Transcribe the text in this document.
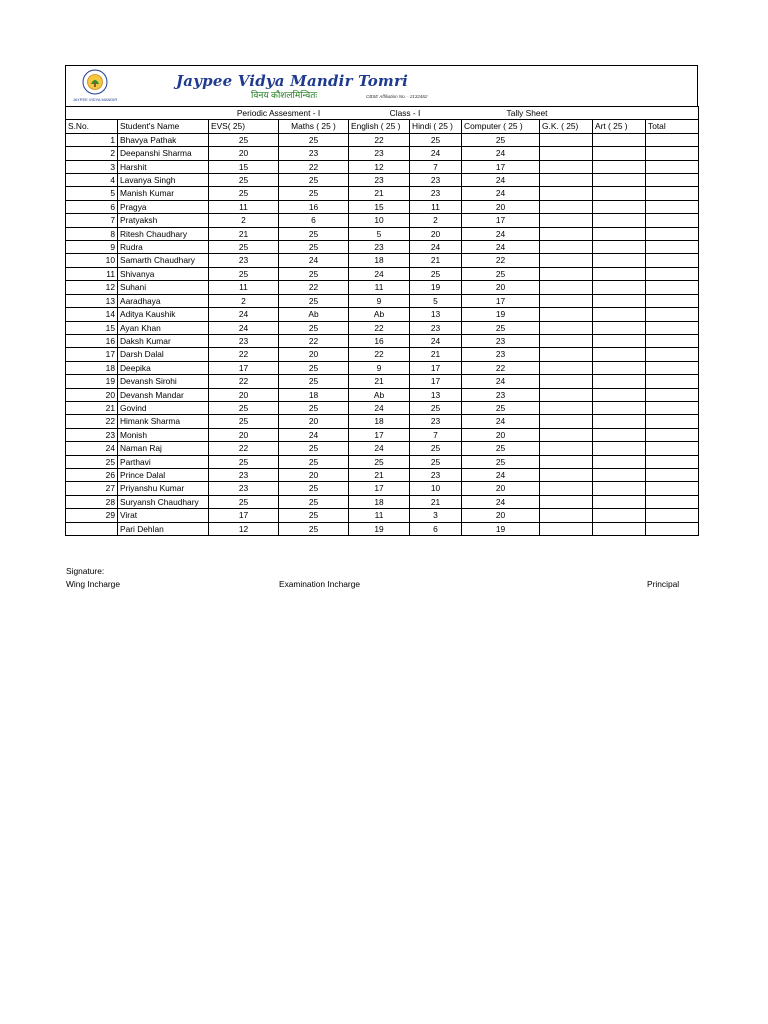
JAYPEE VIDYA MANDIR
Jaypee Vidya Mandir Tomri
विनय कौशलमिन्वितः	CBSE Affiliation No. - 2132462
		Periodic Assesment - I		Class - I		Tally Sheet			
S.No.	Student's Name	EVS( 25)	Maths ( 25 )	English ( 25 )	Hindi ( 25 )	Computer ( 25 )	G.K. ( 25)	Art ( 25 )	Total
1	Bhavya Pathak	25	25	22	25	25			
2	Deepanshi Sharma	20	23	23	24	24			
3	Harshit	15	22	12	7	17			
4	Lavanya Singh	25	25	23	23	24			
5	Manish Kumar	25	25	21	23	24			
6	Pragya	11	16	15	11	20			
7	Pratyaksh	2	6	10	2	17			
8	Ritesh Chaudhary	21	25	5	20	24			
9	Rudra	25	25	23	24	24			
10	Samarth Chaudhary	23	24	18	21	22			
11	Shivanya	25	25	24	25	25			
12	Suhani	11	22	11	19	20			
13	Aaradhaya	2	25	9	5	17			
14	Aditya Kaushik	24	Ab	Ab	13	19			
15	Ayan Khan	24	25	22	23	25			
16	Daksh Kumar	23	22	16	24	23			
17	Darsh Dalal	22	20	22	21	23			
18	Deepika	17	25	9	17	22			
19	Devansh Sirohi	22	25	21	17	24			
20	Devansh Mandar	20	18	Ab	13	23			
21	Govind	25	25	24	25	25			
22	Himank Sharma	25	20	18	23	24			
23	Monish	20	24	17	7	20			
24	Naman Raj	22	25	24	25	25			
25	Parthavi	25	25	25	25	25			
26	Prince Dalal	23	20	21	23	24			
27	Priyanshu Kumar	23	25	17	10	20			
28	Suryansh Chaudhary	25	25	18	21	24			
29	Virat	17	25	11	3	20			
	Pari Dehlan	12	25	19	6	19			
Signature:
Wing Incharge	Examination Incharge	Principal
